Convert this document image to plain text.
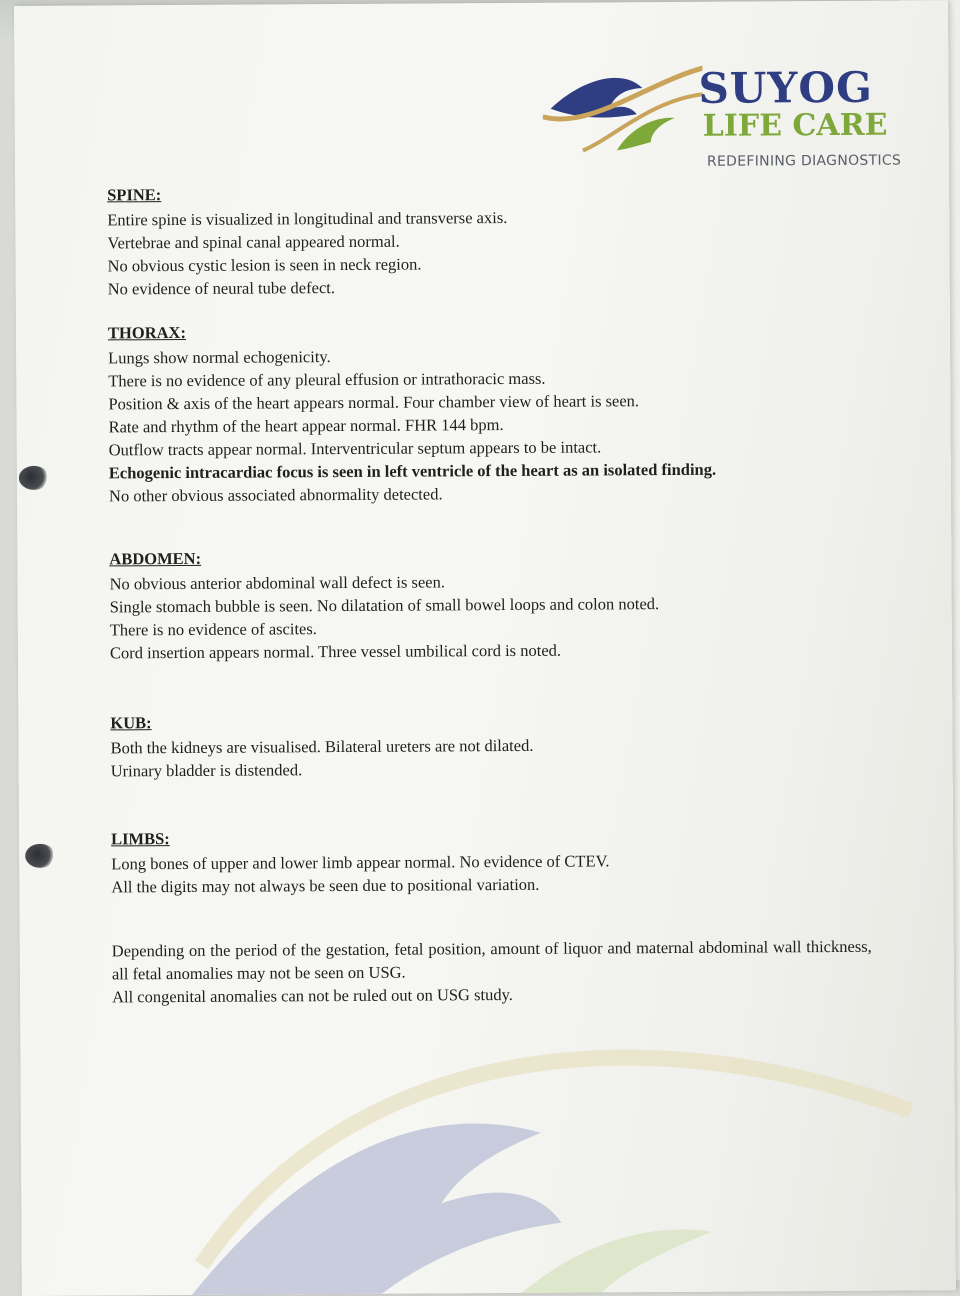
SUYOG
LIFE CARE
REDEFINING DIAGNOSTICS
SPINE:
Entire spine is visualized in longitudinal and transverse axis.
Vertebrae and spinal canal appeared normal.
No obvious cystic lesion is seen in neck region.
No evidence of neural tube defect.
THORAX:
Lungs show normal echogenicity.
There is no evidence of any pleural effusion or intrathoracic mass.
Position & axis of the heart appears normal. Four chamber view of heart is seen.
Rate and rhythm of the heart appear normal. FHR 144 bpm.
Outflow tracts appear normal. Interventricular septum appears to be intact.
Echogenic intracardiac focus is seen in left ventricle of the heart as an isolated finding.
No other obvious associated abnormality detected.
ABDOMEN:
No obvious anterior abdominal wall defect is seen.
Single stomach bubble is seen. No dilatation of small bowel loops and colon noted.
There is no evidence of ascites.
Cord insertion appears normal. Three vessel umbilical cord is noted.
KUB:
Both the kidneys are visualised. Bilateral ureters are not dilated.
Urinary bladder is distended.
LIMBS:
Long bones of upper and lower limb appear normal. No evidence of CTEV.
All the digits may not always be seen due to positional variation.
Depending on the period of the gestation, fetal position, amount of liquor and maternal abdominal wall thickness, all fetal anomalies may not be seen on USG.
All congenital anomalies can not be ruled out on USG study.
